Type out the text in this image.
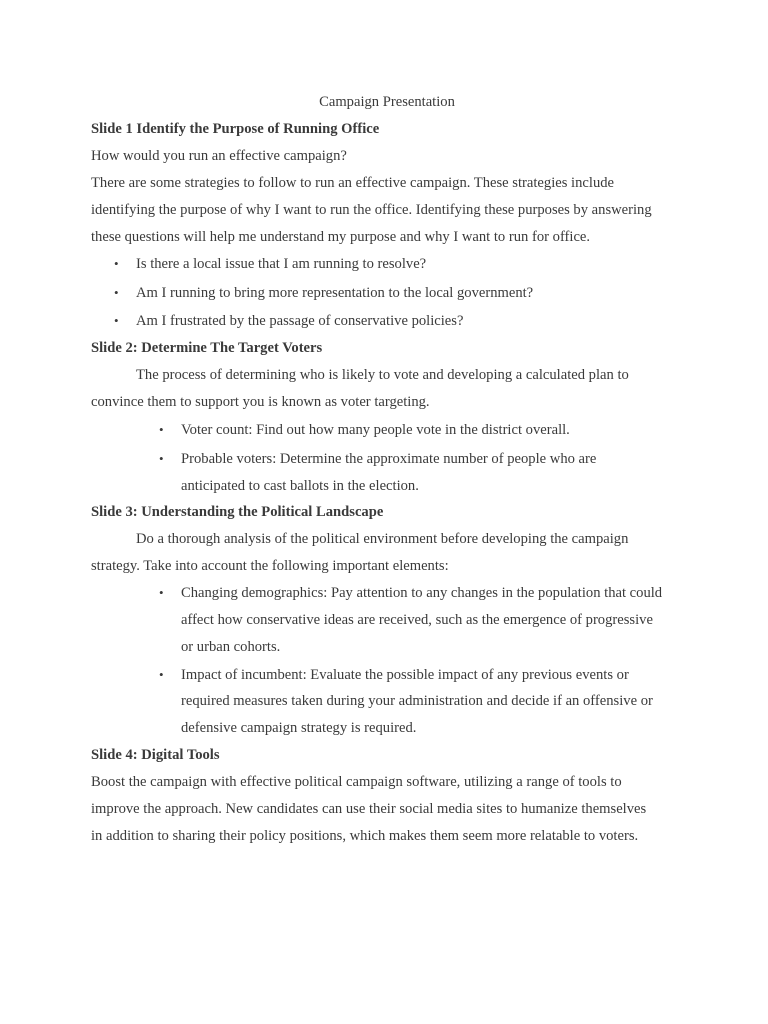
Campaign Presentation
Slide 1 Identify the Purpose of Running Office
How would you run an effective campaign?
There are some strategies to follow to run an effective campaign. These strategies include
identifying the purpose of why I want to run the office. Identifying these purposes by answering
these questions will help me understand my purpose and why I want to run for office.
• Is there a local issue that I am running to resolve?
• Am I running to bring more representation to the local government?
• Am I frustrated by the passage of conservative policies?
Slide 2: Determine The Target Voters
The process of determining who is likely to vote and developing a calculated plan to
convince them to support you is known as voter targeting.
• Voter count: Find out how many people vote in the district overall.
• Probable voters: Determine the approximate number of people who are
anticipated to cast ballots in the election.
Slide 3: Understanding the Political Landscape
Do a thorough analysis of the political environment before developing the campaign
strategy. Take into account the following important elements:
• Changing demographics: Pay attention to any changes in the population that could
affect how conservative ideas are received, such as the emergence of progressive
or urban cohorts.
• Impact of incumbent: Evaluate the possible impact of any previous events or
required measures taken during your administration and decide if an offensive or
defensive campaign strategy is required.
Slide 4: Digital Tools
Boost the campaign with effective political campaign software, utilizing a range of tools to
improve the approach. New candidates can use their social media sites to humanize themselves
in addition to sharing their policy positions, which makes them seem more relatable to voters.
